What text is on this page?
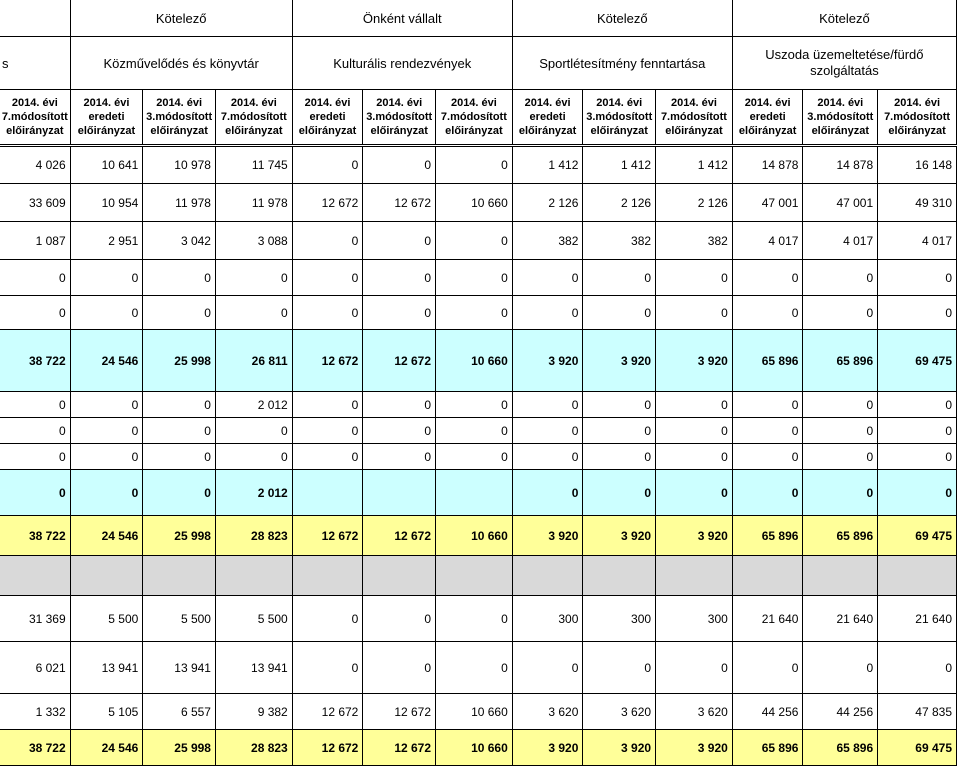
	Kötelező			Önként vállalt			Kötelező			Kötelező		
s	Közművelődés és könyvtár			Kulturális rendezvények			Sportlétesítmény fenntartása			Uszoda üzemeltetése/fürdő szolgáltatás		

2014. évi
7.módosított
előirányzat	2014. évi
eredeti
előirányzat	2014. évi
3.módosított
előirányzat	2014. évi
7.módosított
előirányzat	2014. évi
eredeti
előirányzat	2014. évi
3.módosított
előirányzat	2014. évi
7.módosított
előirányzat	2014. évi
eredeti
előirányzat	2014. évi
3.módosított
előirányzat	2014. évi
7.módosított
előirányzat	2014. évi
eredeti
előirányzat	2014. évi
3.módosított
előirányzat	2014. évi
7.módosított
előirányzat

4 026	10 641	10 978	11 745	0	0	0	1 412	1 412	1 412	14 878	14 878	16 148
33 609	10 954	11 978	11 978	12 672	12 672	10 660	2 126	2 126	2 126	47 001	47 001	49 310
1 087	2 951	3 042	3 088	0	0	0	382	382	382	4 017	4 017	4 017
0	0	0	0	0	0	0	0	0	0	0	0	0
0	0	0	0	0	0	0	0	0	0	0	0	0
38 722	24 546	25 998	26 811	12 672	12 672	10 660	3 920	3 920	3 920	65 896	65 896	69 475
0	0	0	2 012	0	0	0	0	0	0	0	0	0
0	0	0	0	0	0	0	0	0	0	0	0	0
0	0	0	0	0	0	0	0	0	0	0	0	0
0	0	0	2 012				0	0	0	0	0	0
38 722	24 546	25 998	28 823	12 672	12 672	10 660	3 920	3 920	3 920	65 896	65 896	69 475

31 369	5 500	5 500	5 500	0	0	0	300	300	300	21 640	21 640	21 640
6 021	13 941	13 941	13 941	0	0	0	0	0	0	0	0	0
1 332	5 105	6 557	9 382	12 672	12 672	10 660	3 620	3 620	3 620	44 256	44 256	47 835
38 722	24 546	25 998	28 823	12 672	12 672	10 660	3 920	3 920	3 920	65 896	65 896	69 475
